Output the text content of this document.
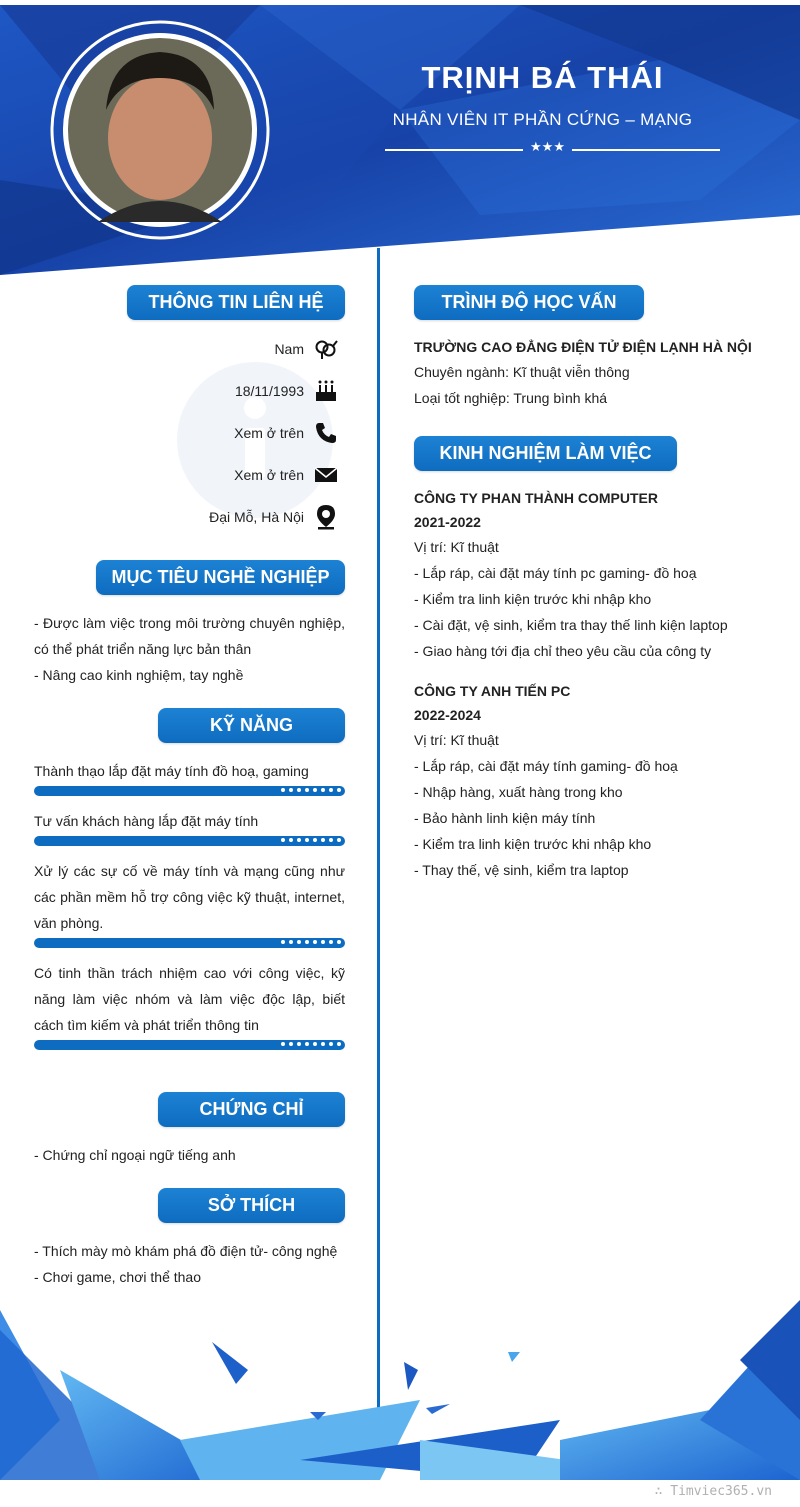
TRỊNH BÁ THÁI
NHÂN VIÊN IT PHẦN CỨNG – MẠNG
★★★
THÔNG TIN LIÊN HỆ
Nam
18/11/1993
Xem ở trên
Xem ở trên
Đại Mỗ, Hà Nội
MỤC TIÊU NGHỀ NGHIỆP
- Được làm việc trong môi trường chuyên nghiệp, có thể phát triển năng lực bản thân
- Nâng cao kinh nghiệm, tay nghề
KỸ NĂNG
Thành thạo lắp đặt máy tính đồ hoạ, gaming
Tư vấn khách hàng lắp đặt máy tính
Xử lý các sự cố về máy tính và mạng cũng như các phần mềm hỗ trợ công việc kỹ thuật, internet, văn phòng.
Có tinh thần trách nhiệm cao với công việc, kỹ năng làm việc nhóm và làm việc độc lập, biết cách tìm kiếm và phát triển thông tin
CHỨNG CHỈ
- Chứng chỉ ngoại ngữ tiếng anh
SỞ THÍCH
- Thích mày mò khám phá đồ điện tử- công nghệ
- Chơi game, chơi thể thao
TRÌNH ĐỘ HỌC VẤN
TRƯỜNG CAO ĐẲNG ĐIỆN TỬ ĐIỆN LẠNH HÀ NỘI
Chuyên ngành: Kĩ thuật viễn thông
Loại tốt nghiệp: Trung bình khá
KINH NGHIỆM LÀM VIỆC
CÔNG TY PHAN THÀNH COMPUTER
2021-2022
Vị trí: Kĩ thuật
- Lắp ráp, cài đặt máy tính pc gaming- đồ hoạ
- Kiểm tra linh kiện trước khi nhập kho
- Cài đặt, vệ sinh, kiểm tra thay thế linh kiện laptop
- Giao hàng tới địa chỉ theo yêu cầu của công ty
CÔNG TY ANH TIẾN PC
2022-2024
Vị trí: Kĩ thuật
- Lắp ráp, cài đặt máy tính gaming- đồ hoạ
- Nhập hàng, xuất hàng trong kho
- Bảo hành linh kiện máy tính
- Kiểm tra linh kiện trước khi nhập kho
- Thay thế, vệ sinh, kiểm tra laptop
∴ Timviec365.vn
